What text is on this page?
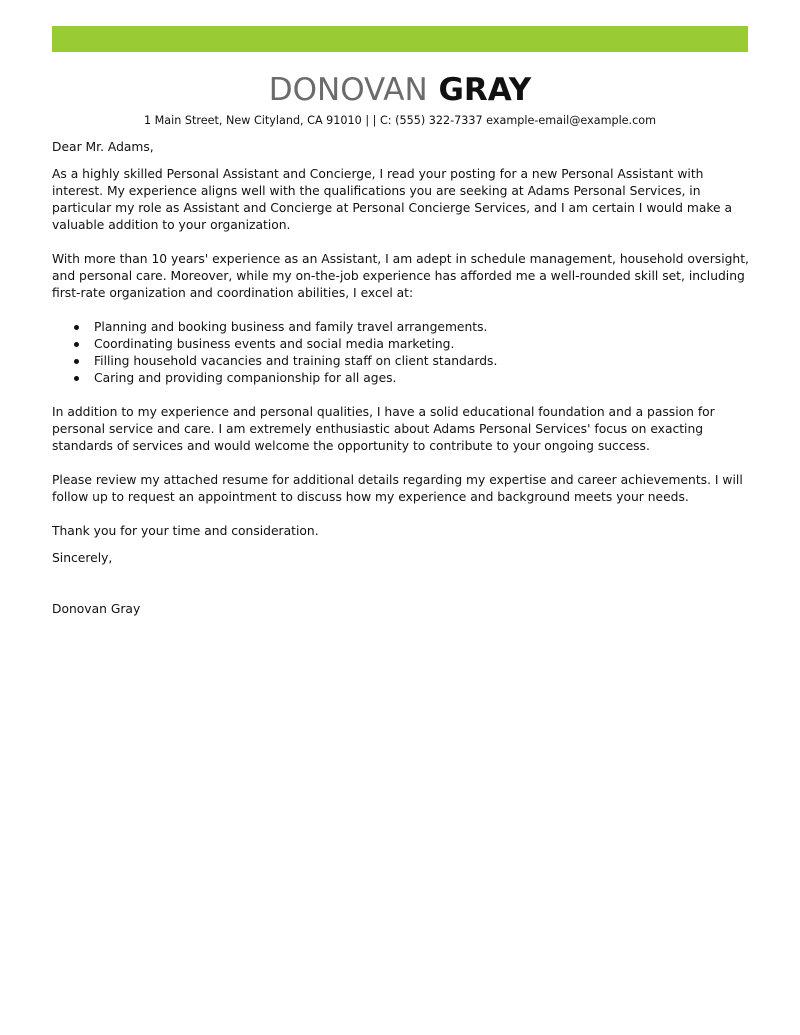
DONOVAN GRAY
1 Main Street, New Cityland, CA 91010 | | C: (555) 322-7337 example-email@example.com

Dear Mr. Adams,

As a highly skilled Personal Assistant and Concierge, I read your posting for a new Personal Assistant with interest. My experience aligns well with the qualifications you are seeking at Adams Personal Services, in particular my role as Assistant and Concierge at Personal Concierge Services, and I am certain I would make a valuable addition to your organization.

With more than 10 years' experience as an Assistant, I am adept in schedule management, household oversight, and personal care. Moreover, while my on-the-job experience has afforded me a well-rounded skill set, including first-rate organization and coordination abilities, I excel at:

Planning and booking business and family travel arrangements.
Coordinating business events and social media marketing.
Filling household vacancies and training staff on client standards.
Caring and providing companionship for all ages.

In addition to my experience and personal qualities, I have a solid educational foundation and a passion for personal service and care. I am extremely enthusiastic about Adams Personal Services' focus on exacting standards of services and would welcome the opportunity to contribute to your ongoing success.

Please review my attached resume for additional details regarding my expertise and career achievements. I will follow up to request an appointment to discuss how my experience and background meets your needs.

Thank you for your time and consideration.

Sincerely,

Donovan Gray
